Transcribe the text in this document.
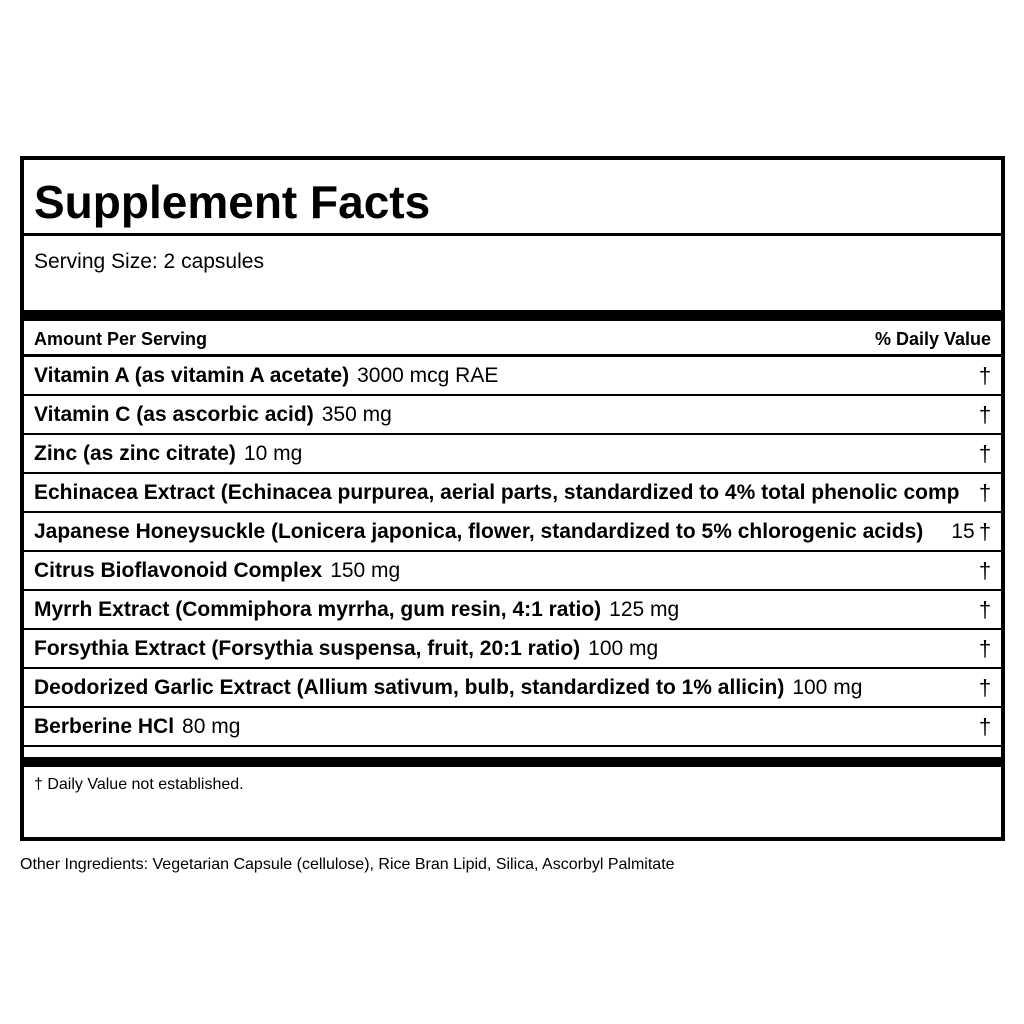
Supplement Facts
Serving Size: 2 capsules
Amount Per Serving	% Daily Value
Vitamin A (as vitamin A acetate) 3000 mcg RAE	†
Vitamin C (as ascorbic acid) 350 mg	†
Zinc (as zinc citrate) 10 mg	†
Echinacea Extract (Echinacea purpurea, aerial parts, standardized to 4% total phenolic comp †
Japanese Honeysuckle (Lonicera japonica, flower, standardized to 5% chlorogenic acids) 15 †
Citrus Bioflavonoid Complex 150 mg	†
Myrrh Extract (Commiphora myrrha, gum resin, 4:1 ratio) 125 mg	†
Forsythia Extract (Forsythia suspensa, fruit, 20:1 ratio) 100 mg	†
Deodorized Garlic Extract (Allium sativum, bulb, standardized to 1% allicin) 100 mg	†
Berberine HCl 80 mg	†
† Daily Value not established.
Other Ingredients: Vegetarian Capsule (cellulose), Rice Bran Lipid, Silica, Ascorbyl Palmitate
